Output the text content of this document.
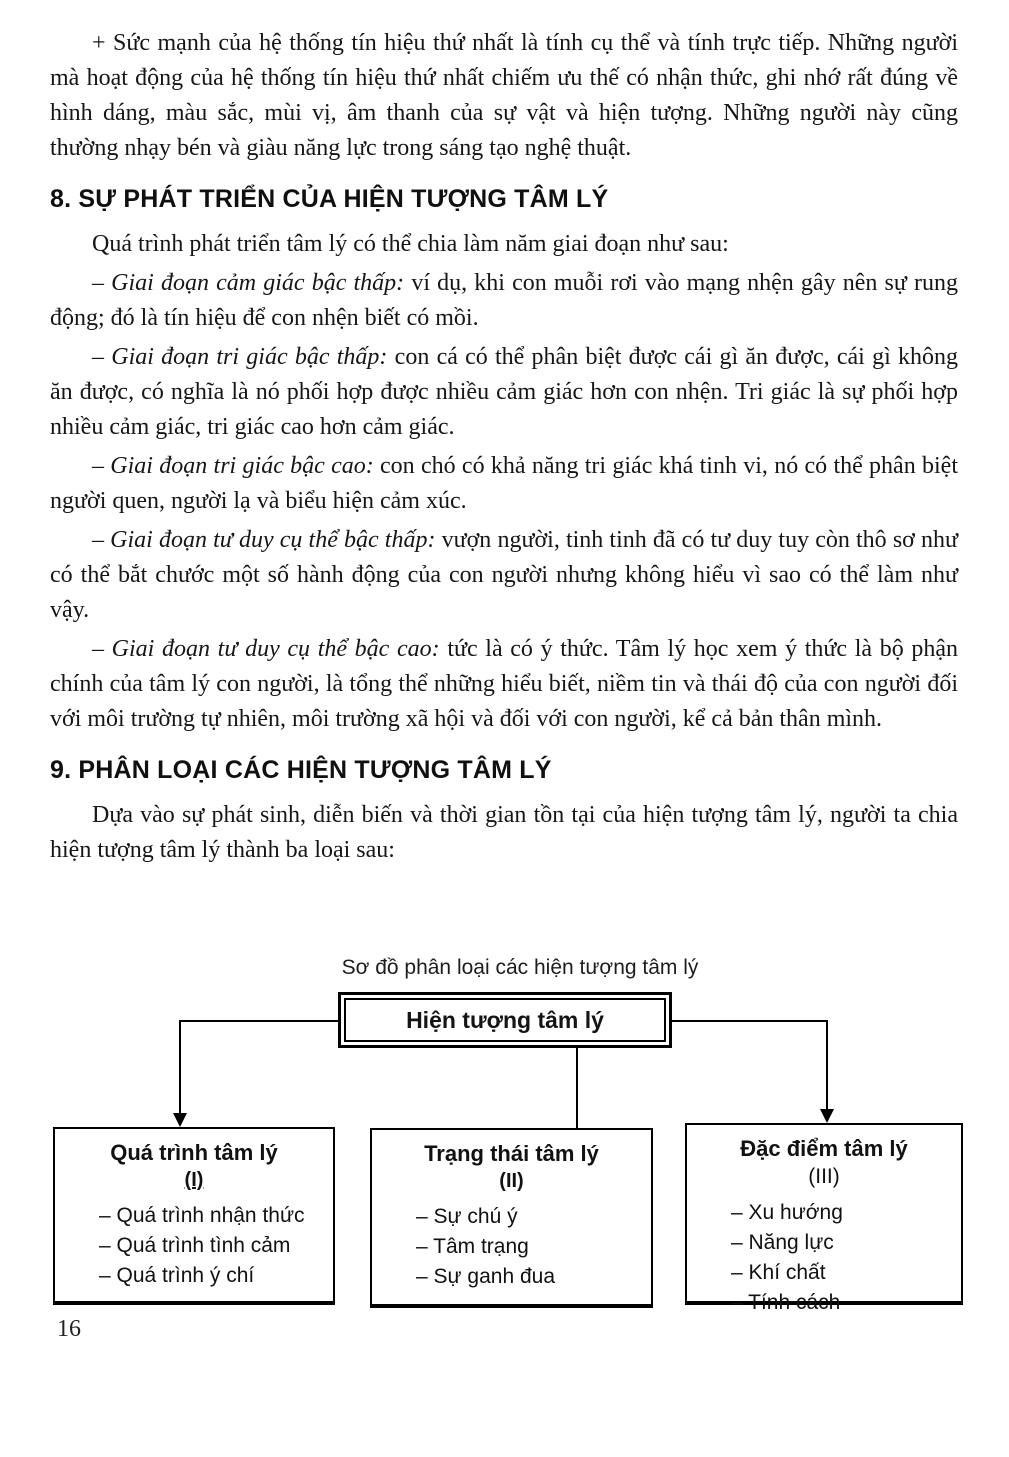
+ Sức mạnh của hệ thống tín hiệu thứ nhất là tính cụ thể và tính trực tiếp. Những người mà hoạt động của hệ thống tín hiệu thứ nhất chiếm ưu thế có nhận thức, ghi nhớ rất đúng về hình dáng, màu sắc, mùi vị, âm thanh của sự vật và hiện tượng. Những người này cũng thường nhạy bén và giàu năng lực trong sáng tạo nghệ thuật.

8. SỰ PHÁT TRIỂN CỦA HIỆN TƯỢNG TÂM LÝ

Quá trình phát triển tâm lý có thể chia làm năm giai đoạn như sau:

– Giai đoạn cảm giác bậc thấp: ví dụ, khi con muỗi rơi vào mạng nhện gây nên sự rung động; đó là tín hiệu để con nhện biết có mồi.

– Giai đoạn tri giác bậc thấp: con cá có thể phân biệt được cái gì ăn được, cái gì không ăn được, có nghĩa là nó phối hợp được nhiều cảm giác hơn con nhện. Tri giác là sự phối hợp nhiều cảm giác, tri giác cao hơn cảm giác.

– Giai đoạn tri giác bậc cao: con chó có khả năng tri giác khá tinh vi, nó có thể phân biệt người quen, người lạ và biểu hiện cảm xúc.

– Giai đoạn tư duy cụ thể bậc thấp: vượn người, tinh tinh đã có tư duy tuy còn thô sơ như có thể bắt chước một số hành động của con người nhưng không hiểu vì sao có thể làm như vậy.

– Giai đoạn tư duy cụ thể bậc cao: tức là có ý thức. Tâm lý học xem ý thức là bộ phận chính của tâm lý con người, là tổng thể những hiểu biết, niềm tin và thái độ của con người đối với môi trường tự nhiên, môi trường xã hội và đối với con người, kể cả bản thân mình.

9. PHÂN LOẠI CÁC HIỆN TƯỢNG TÂM LÝ

Dựa vào sự phát sinh, diễn biến và thời gian tồn tại của hiện tượng tâm lý, người ta chia hiện tượng tâm lý thành ba loại sau:

Sơ đồ phân loại các hiện tượng tâm lý
Hiện tượng tâm lý
Quá trình tâm lý
(I)
– Quá trình nhận thức
– Quá trình tình cảm
– Quá trình ý chí
Trạng thái tâm lý
(II)
– Sự chú ý
– Tâm trạng
– Sự ganh đua
Đặc điểm tâm lý
(III)
– Xu hướng
– Năng lực
– Khí chất
– Tính cách
16
